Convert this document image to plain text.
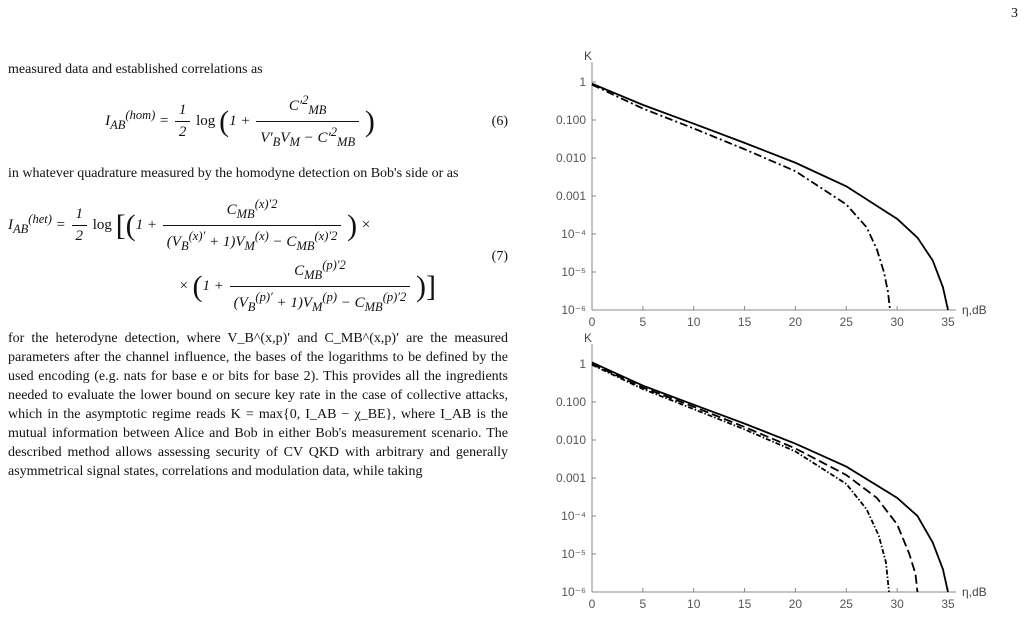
3

measured data and established correlations as

$I_{AB}^{(hom)} = \frac{1}{2}$ $\log (1 + \frac{C'^2_{MB}}{V'_BV_M - C'^2_{MB}}$ )	(6)

in whatever quadrature measured by the homodyne detection on Bob's side or as

$I_{AB}^{(het)} = \frac{1}{2}$ $\log [(1 + \frac{C_{MB}^{(x)'2}}{(V_B^{(x)'} + 1)V_M^{(x)} - C_{MB}^{(x)'2}}$ ) ×
× ($1 + \frac{C_{MB}^{(p)'2}}{(V_B^{(p)'} + 1)V_M^{(p)} - C_{MB}^{(p)'2}}$ )]
(7)

for the heterodyne detection, where V_B^(x,p)′ and C_MB^(x,p)′ are the measured parameters after the channel influence, the bases of the logarithms to be defined by the used encoding (e.g. nats for base e or bits for base 2). This provides all the ingredients needed to evaluate the lower bound on secure key rate in the case of collective attacks, which in the asymptotic regime reads K = max{0, I_AB − χ_BE}, where I_AB is the mutual information between Alice and Bob in either Bob's measurement scenario. The described method allows assessing security of CV QKD with arbitrary and generally asymmetrical signal states, correlations and modulation data, while taking

K
η,dB
0	5	10	15	20	25	30	35
1
0.100
0.010
0.001
10⁻⁴
10⁻⁵
10⁻⁶
K
η,dB
0	5	10	15	20	25	30	35
1
0.100
0.010
0.001
10⁻⁴
10⁻⁵
10⁻⁶
